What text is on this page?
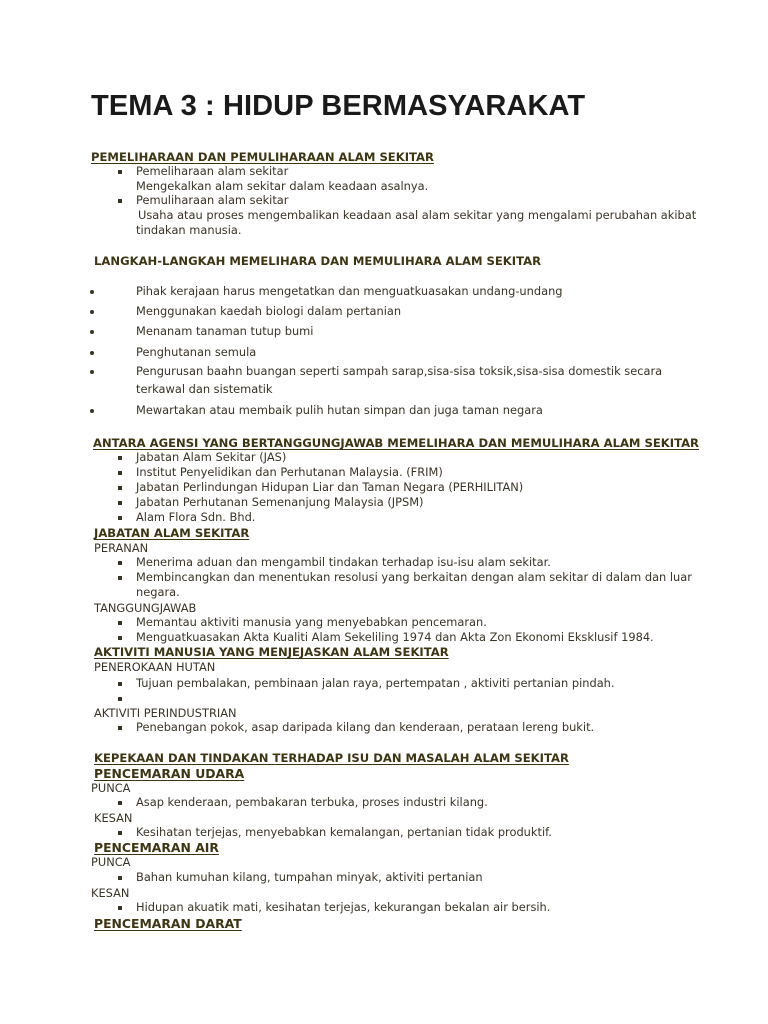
TEMA 3 : HIDUP BERMASYARAKAT
PEMELIHARAAN DAN PEMULIHARAAN ALAM SEKITAR
Pemeliharaan alam sekitar
Mengekalkan alam sekitar dalam keadaan asalnya.
Pemuliharaan alam sekitar
Usaha atau proses mengembalikan keadaan asal alam sekitar yang mengalami perubahan akibat
tindakan manusia.
LANGKAH-LANGKAH MEMELIHARA DAN MEMULIHARA ALAM SEKITAR
Pihak kerajaan harus mengetatkan dan menguatkuasakan undang-undang
Menggunakan kaedah biologi dalam pertanian
Menanam tanaman tutup bumi
Penghutanan semula
Pengurusan baahn buangan seperti sampah sarap,sisa-sisa toksik,sisa-sisa domestik secara
terkawal dan sistematik
Mewartakan atau membaik pulih hutan simpan dan juga taman negara
ANTARA AGENSI YANG BERTANGGUNGJAWAB MEMELIHARA DAN MEMULIHARA ALAM SEKITAR
Jabatan Alam Sekitar (JAS)
Institut Penyelidikan dan Perhutanan Malaysia. (FRIM)
Jabatan Perlindungan Hidupan Liar dan Taman Negara (PERHILITAN)
Jabatan Perhutanan Semenanjung Malaysia (JPSM)
Alam Flora Sdn. Bhd.
JABATAN ALAM SEKITAR
PERANAN
Menerima aduan dan mengambil tindakan terhadap isu-isu alam sekitar.
Membincangkan dan menentukan resolusi yang berkaitan dengan alam sekitar di dalam dan luar
negara.
TANGGUNGJAWAB
Memantau aktiviti manusia yang menyebabkan pencemaran.
Menguatkuasakan Akta Kualiti Alam Sekeliling 1974 dan Akta Zon Ekonomi Eksklusif 1984.
AKTIVITI MANUSIA YANG MENJEJASKAN ALAM SEKITAR
PENEROKAAN HUTAN
Tujuan pembalakan, pembinaan jalan raya, pertempatan , aktiviti pertanian pindah.
AKTIVITI PERINDUSTRIAN
Penebangan pokok, asap daripada kilang dan kenderaan, perataan lereng bukit.
KEPEKAAN DAN TINDAKAN TERHADAP ISU DAN MASALAH ALAM SEKITAR
PENCEMARAN UDARA
PUNCA
Asap kenderaan, pembakaran terbuka, proses industri kilang.
KESAN
Kesihatan terjejas, menyebabkan kemalangan, pertanian tidak produktif.
PENCEMARAN AIR
PUNCA
Bahan kumuhan kilang, tumpahan minyak, aktiviti pertanian
KESAN
Hidupan akuatik mati, kesihatan terjejas, kekurangan bekalan air bersih.
PENCEMARAN DARAT
